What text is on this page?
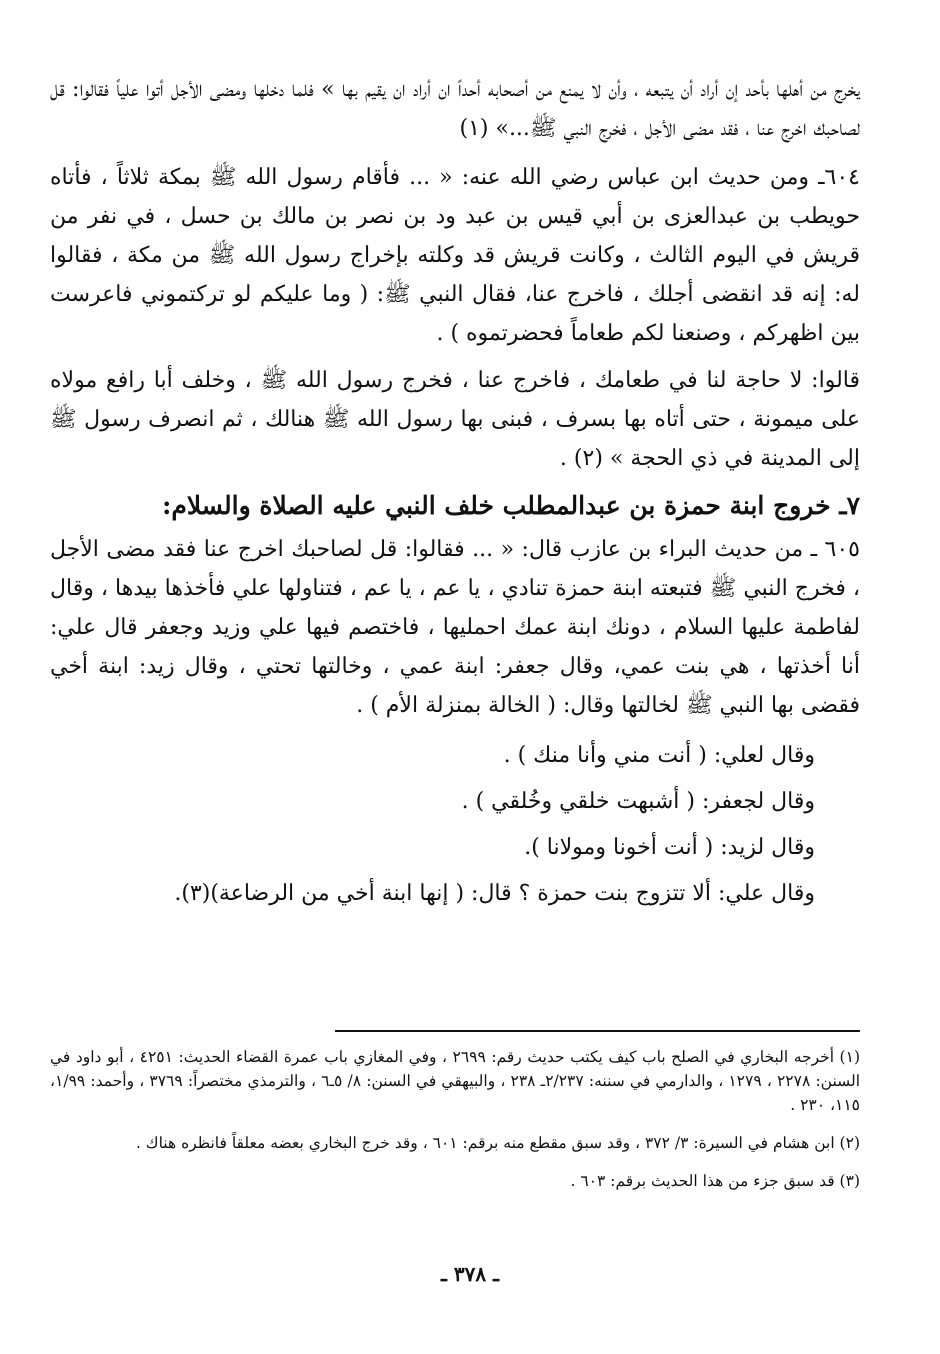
يخرج من أهلها بأحد إن أراد أن يتبعه ، وأن لا يمنع من أصحابه أحداً ان أراد ان يقيم بها » فلما دخلها ومضى الأجل أتوا علياً فقالوا: قل لصاحبك اخرج عنا ، فقد مضى الأجل ، فخرج النبي ﷺ...» (١)

٦٠٤ـ ومن حديث ابن عباس رضي الله عنه: « ... فأقام رسول الله ﷺ بمكة ثلاثاً ، فأتاه حويطب بن عبدالعزى بن أبي قيس بن عبد ود بن نصر بن مالك بن حسل ، في نفر من قريش في اليوم الثالث ، وكانت قريش قد وكلته بإخراج رسول الله ﷺ من مكة ، فقالوا له: إنه قد انقضى أجلك ، فاخرج عنا، فقال النبي ﷺ: ( وما عليكم لو تركتموني فاعرست بين اظهركم ، وصنعنا لكم طعاماً فحضرتموه ) .

قالوا: لا حاجة لنا في طعامك ، فاخرج عنا ، فخرج رسول الله ﷺ ، وخلف أبا رافع مولاه على ميمونة ، حتى أتاه بها بسرف ، فبنى بها رسول الله ﷺ هنالك ، ثم انصرف رسول ﷺ إلى المدينة في ذي الحجة » (٢) .

٧ـ خروج ابنة حمزة بن عبدالمطلب خلف النبي عليه الصلاة والسلام:

٦٠٥ ـ من حديث البراء بن عازب قال: « ... فقالوا: قل لصاحبك اخرج عنا فقد مضى الأجل ، فخرج النبي ﷺ فتبعته ابنة حمزة تنادي ، يا عم ، يا عم ، فتناولها علي فأخذها بيدها ، وقال لفاطمة عليها السلام ، دونك ابنة عمك احمليها ، فاختصم فيها علي وزيد وجعفر قال علي: أنا أخذتها ، هي بنت عمي، وقال جعفر: ابنة عمي ، وخالتها تحتي ، وقال زيد: ابنة أخي فقضى بها النبي ﷺ لخالتها وقال: ( الخالة بمنزلة الأم ) .

وقال لعلي: ( أنت مني وأنا منك ) .

وقال لجعفر: ( أشبهت خلقي وخُلقي ) .

وقال لزيد: ( أنت أخونا ومولانا ).

وقال علي: ألا تتزوج بنت حمزة ؟ قال: ( إنها ابنة أخي من الرضاعة)(٣).

(١) أخرجه البخاري في الصلح باب كيف يكتب حديث رقم: ٢٦٩٩ ، وفي المغازي باب عمرة القضاء الحديث: ٤٢٥١ ، أبو داود في السنن: ٢٢٧٨ ، ١٢٧٩ ، والدارمي في سننه: ٢/٢٣٧ـ ٢٣٨ ، والبيهقي في السنن: ٨/ ٥ـ٦ ، والترمذي مختصراً: ٣٧٦٩ ، وأحمد: ١/٩٩، ١١٥، ٢٣٠ .

(٢) ابن هشام في السيرة: ٣/ ٣٧٢ ، وقد سبق مقطع منه برقم: ٦٠١ ، وقد خرج البخاري بعضه معلقاً فانظره هناك .

(٣) قد سبق جزء من هذا الحديث برقم: ٦٠٣ .

ـ ٣٧٨ ـ
